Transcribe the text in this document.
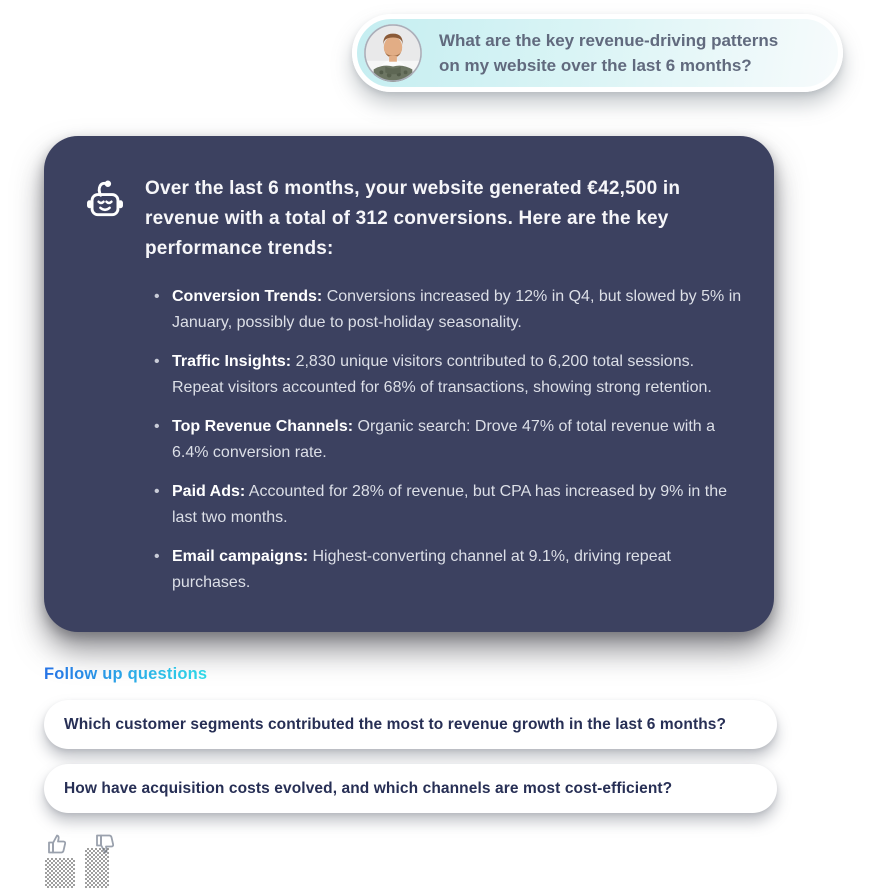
What are the key revenue-driving patterns
on my website over the last 6 months?
Over the last 6 months, your website generated €42,500 in
revenue with a total of 312 conversions. Here are the key
performance trends:
•
Conversion Trends: Conversions increased by 12% in Q4, but slowed by 5% in January, possibly due to post-holiday seasonality.
•
Traffic Insights: 2,830 unique visitors contributed to 6,200 total sessions. Repeat visitors accounted for 68% of transactions, showing strong retention.
•
Top Revenue Channels: Organic search: Drove 47% of total revenue with a 6.4% conversion rate.
•
Paid Ads: Accounted for 28% of revenue, but CPA has increased by 9% in the last two months.
•
Email campaigns: Highest-converting channel at 9.1%, driving repeat purchases.
Follow up questions
Which customer segments contributed the most to revenue growth in the last 6 months?
How have acquisition costs evolved, and which channels are most cost-efficient?
